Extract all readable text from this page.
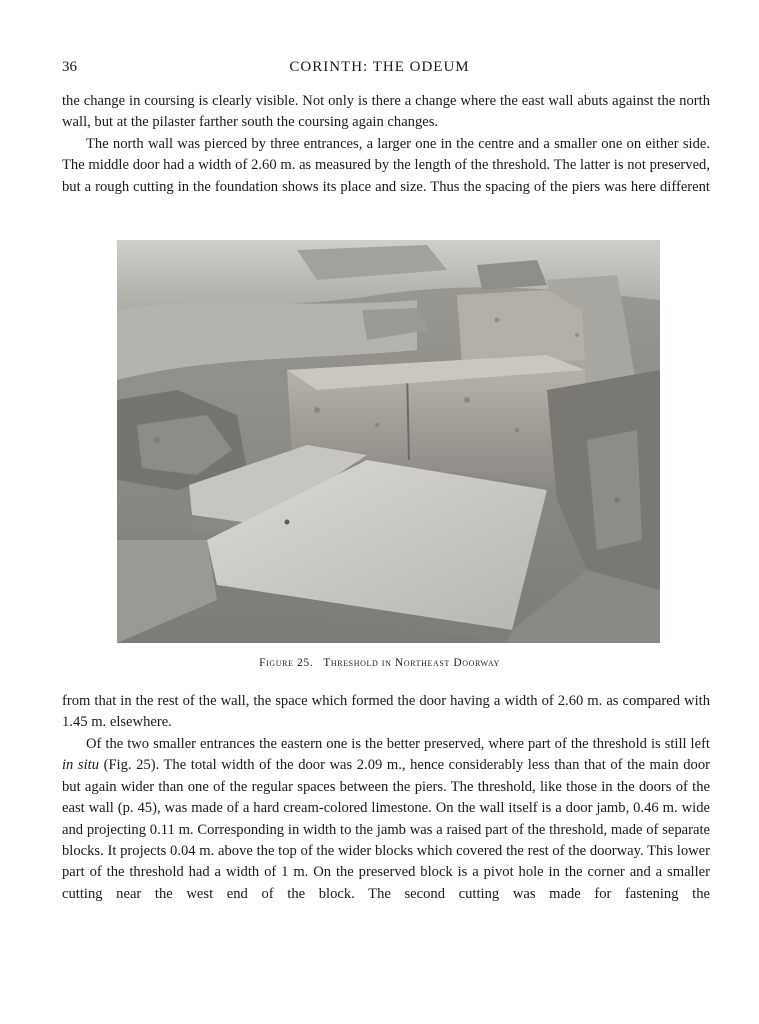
36	CORINTH: THE ODEUM

the change in coursing is clearly visible. Not only is there a change where the east wall abuts against the north wall, but at the pilaster farther south the coursing again changes.

The north wall was pierced by three entrances, a larger one in the centre and a smaller one on either side. The middle door had a width of 2.60 m. as measured by the length of the threshold. The latter is not preserved, but a rough cutting in the foundation shows its place and size. Thus the spacing of the piers was here different

Figure 25. Threshold in Northeast Doorway

from that in the rest of the wall, the space which formed the door having a width of 2.60 m. as compared with 1.45 m. elsewhere.

Of the two smaller entrances the eastern one is the better preserved, where part of the threshold is still left in situ (Fig. 25). The total width of the door was 2.09 m., hence considerably less than that of the main door but again wider than one of the regular spaces between the piers. The threshold, like those in the doors of the east wall (p. 45), was made of a hard cream-colored limestone. On the wall itself is a door jamb, 0.46 m. wide and projecting 0.11 m. Corresponding in width to the jamb was a raised part of the threshold, made of separate blocks. It projects 0.04 m. above the top of the wider blocks which covered the rest of the doorway. This lower part of the threshold had a width of 1 m. On the preserved block is a pivot hole in the corner and a smaller cutting near the west end of the block. The second cutting was made for fastening the
